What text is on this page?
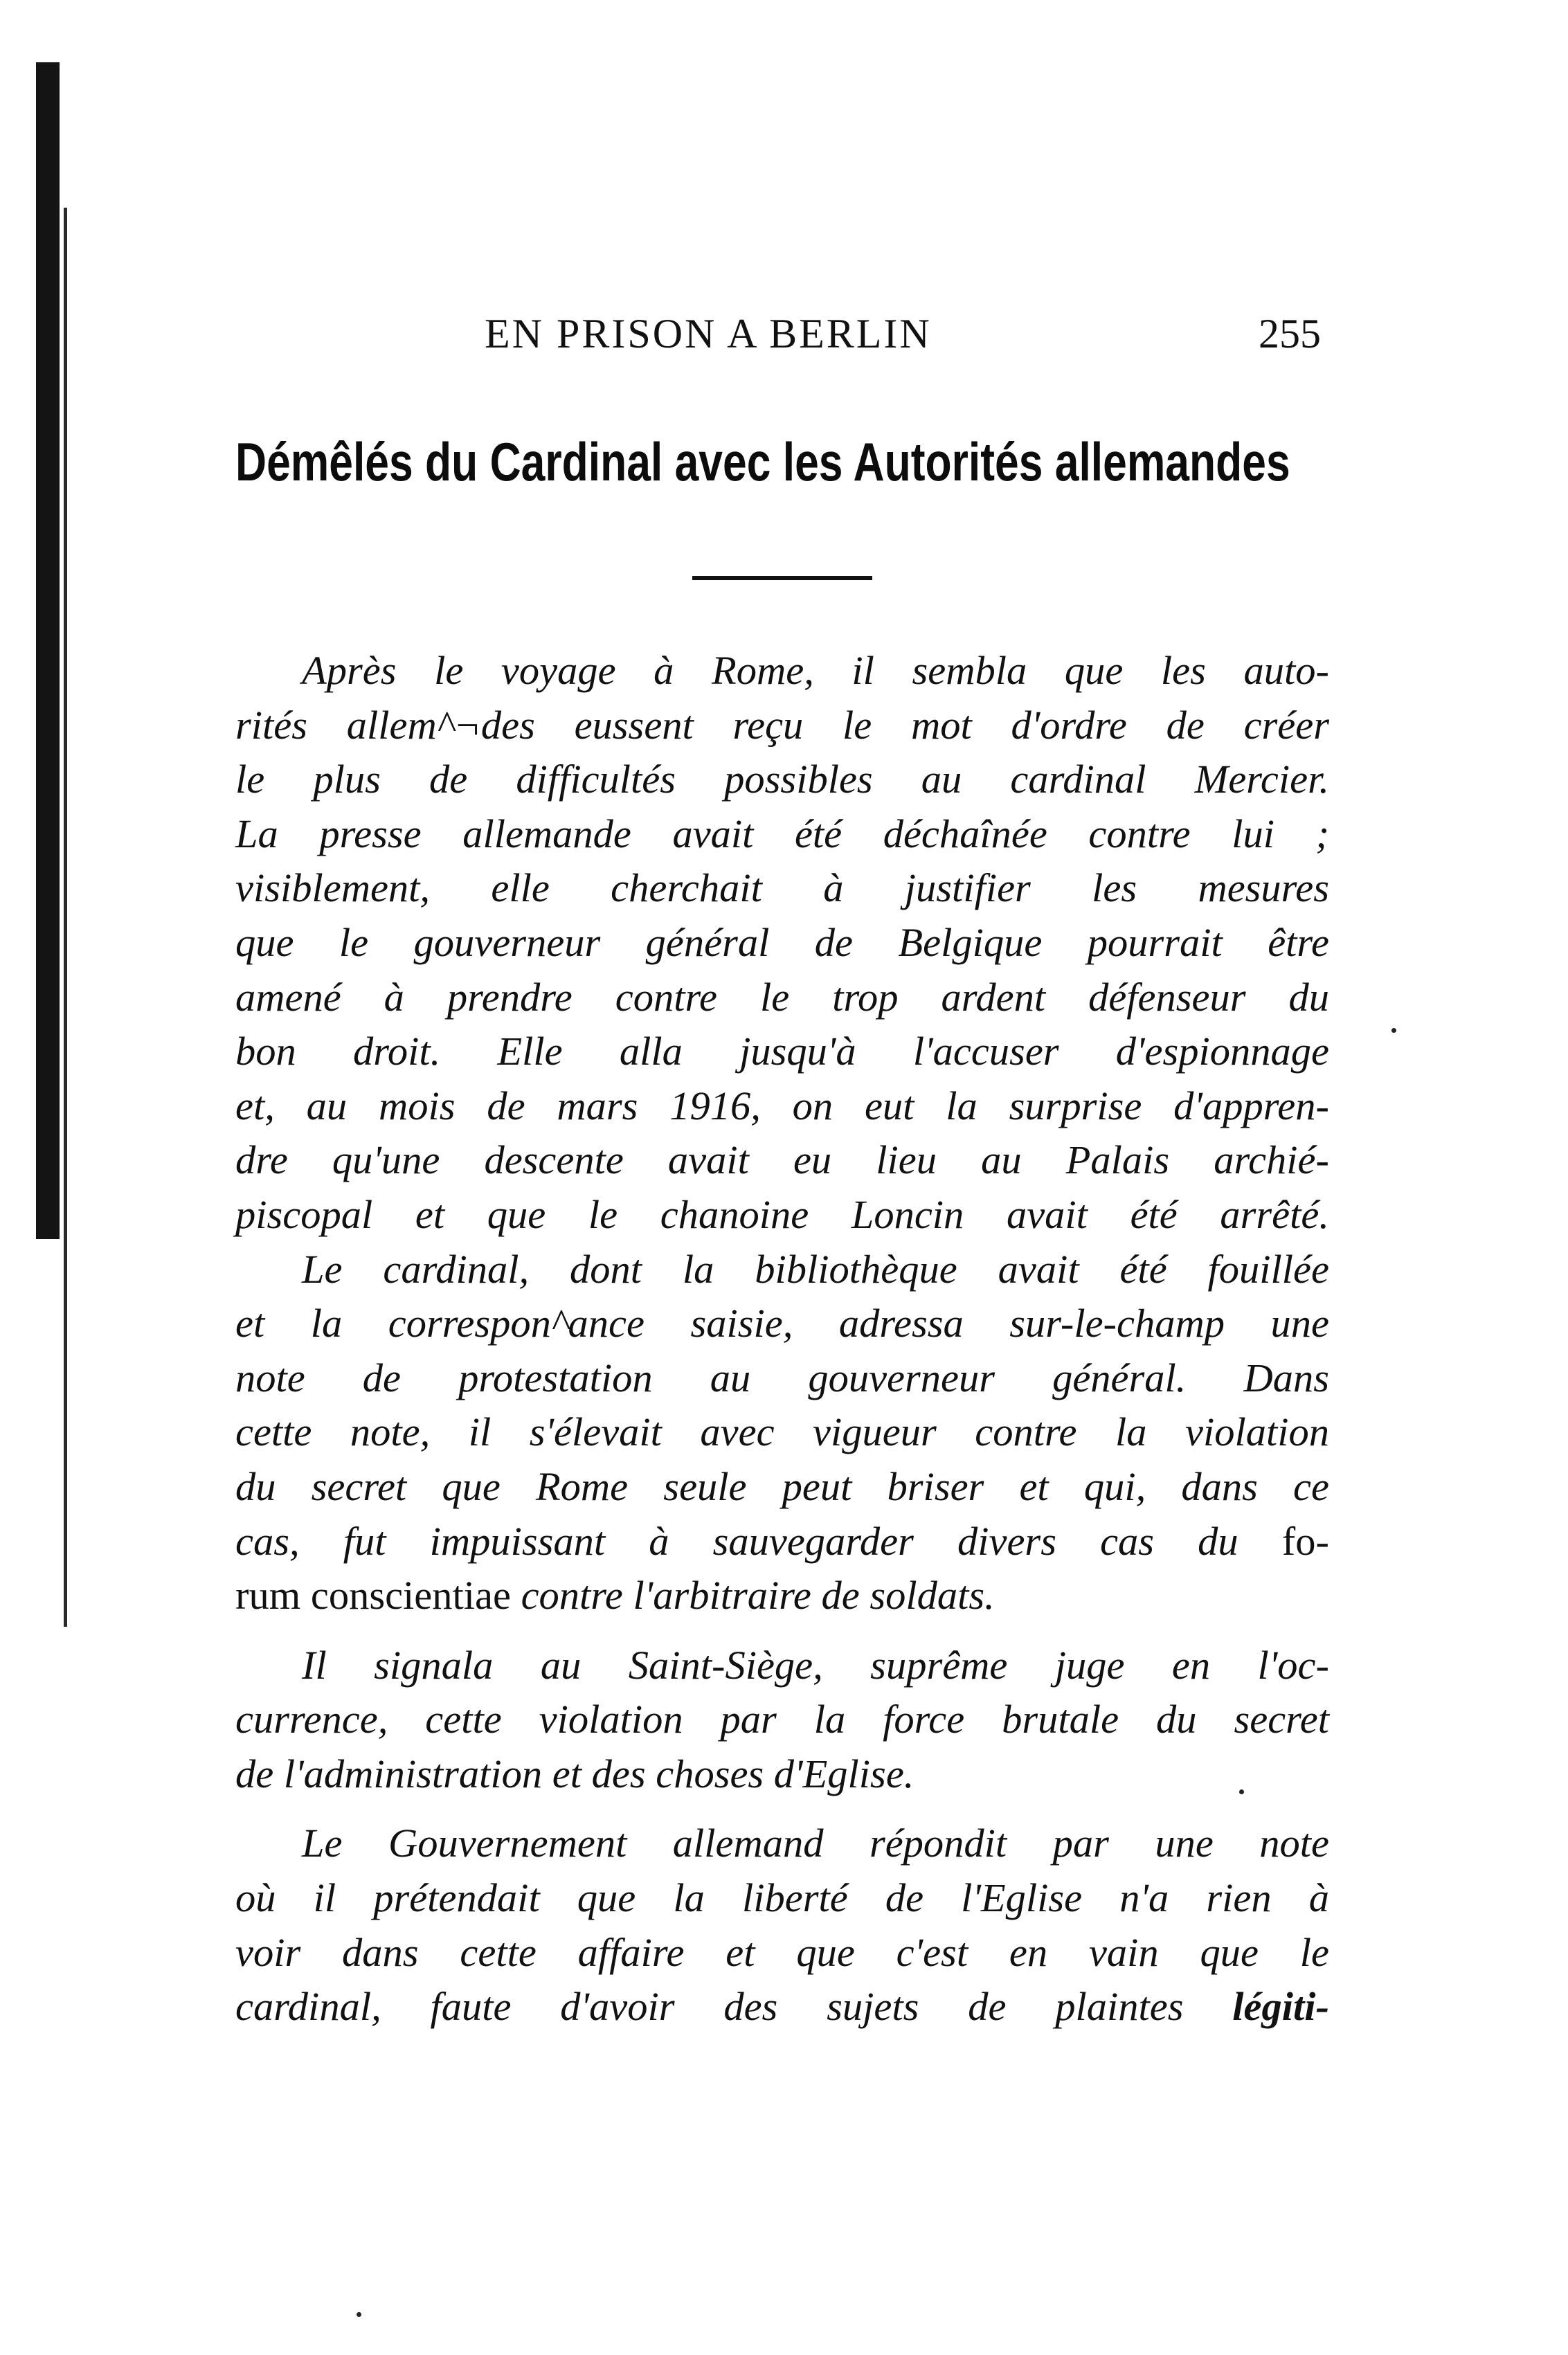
EN PRISON A BERLIN	255
Démêlés du Cardinal avec les Autorités allemandes
Après le voyage à Rome, il sembla que les auto-
rités allem^¬des eussent reçu le mot d'ordre de créer
le plus de difficultés possibles au cardinal Mercier.
La presse allemande avait été déchaînée contre lui ;
visiblement, elle cherchait à justifier les mesures
que le gouverneur général de Belgique pourrait être
amené à prendre contre le trop ardent défenseur du
bon droit. Elle alla jusqu'à l'accuser d'espionnage
et, au mois de mars 1916, on eut la surprise d'appren-
dre qu'une descente avait eu lieu au Palais archié-
piscopal et que le chanoine Loncin avait été arrêté.
Le cardinal, dont la bibliothèque avait été fouillée
et la correspon^ance saisie, adressa sur-le-champ une
note de protestation au gouverneur général. Dans
cette note, il s'élevait avec vigueur contre la violation
du secret que Rome seule peut briser et qui, dans ce
cas, fut impuissant à sauvegarder divers cas du fo-
rum conscientiae contre l'arbitraire de soldats.
Il signala au Saint-Siège, suprême juge en l'oc-
currence, cette violation par la force brutale du secret
de l'administration et des choses d'Eglise.
Le Gouvernement allemand répondit par une note
où il prétendait que la liberté de l'Eglise n'a rien à
voir dans cette affaire et que c'est en vain que le
cardinal, faute d'avoir des sujets de plaintes légiti-
